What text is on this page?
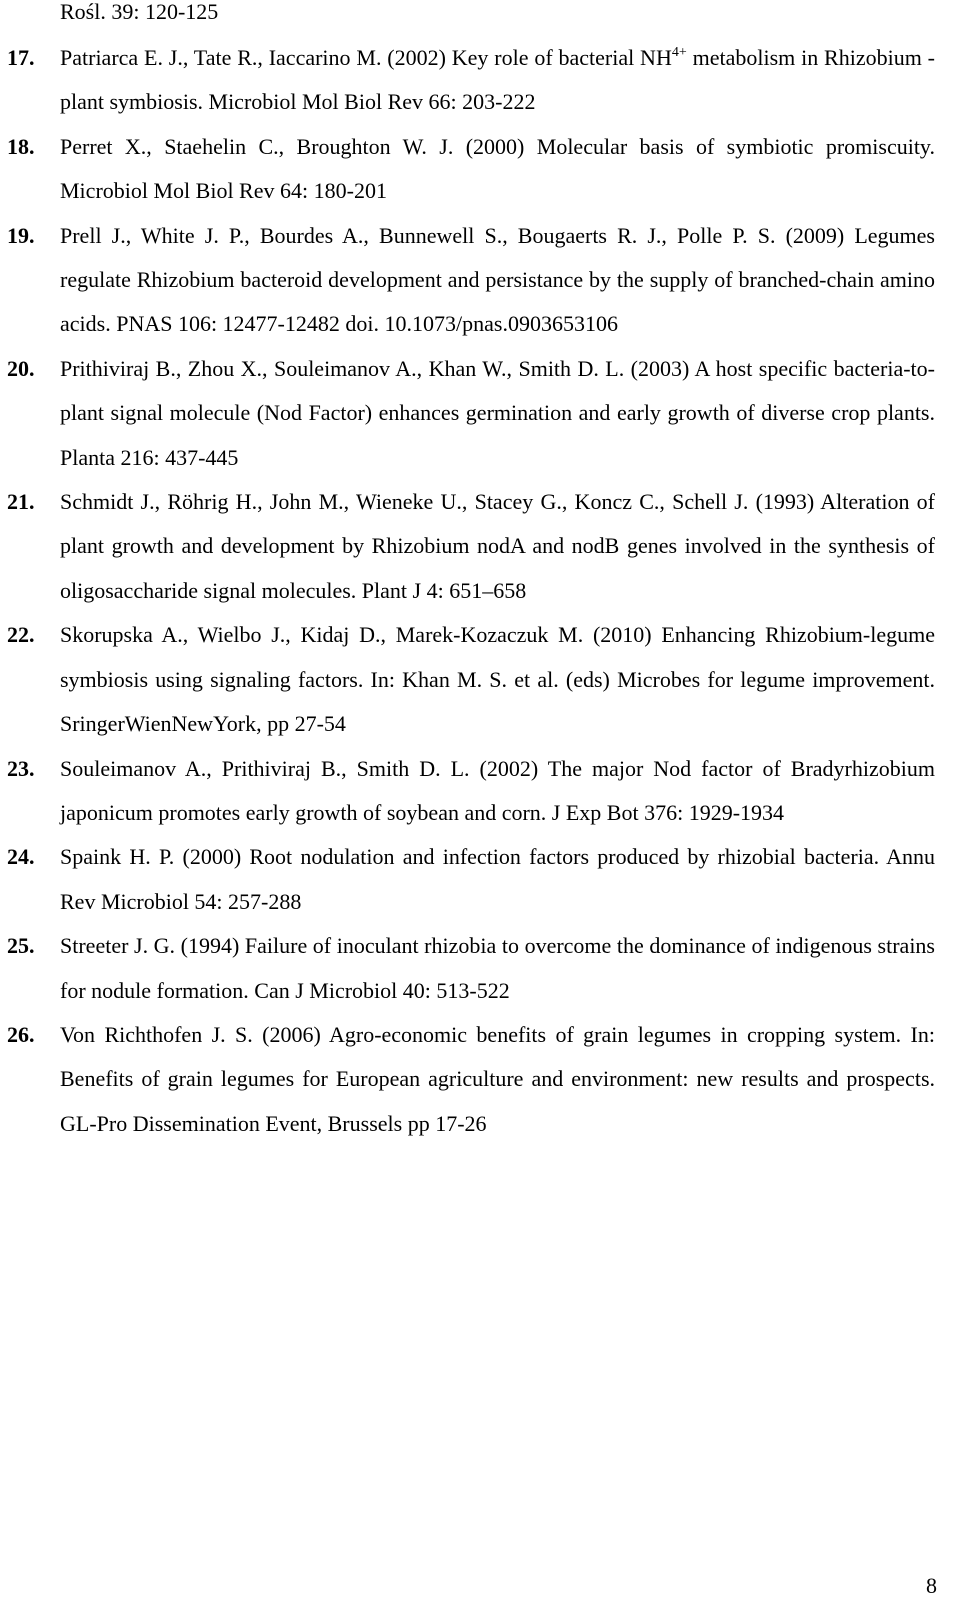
Rośl. 39: 120-125
17. Patriarca E. J., Tate R., Iaccarino M. (2002) Key role of bacterial $NH^{4+}$ metabolism in Rhizobium - plant symbiosis. Microbiol Mol Biol Rev 66: 203-222
18. Perret X., Staehelin C., Broughton W. J. (2000) Molecular basis of symbiotic promiscuity. Microbiol Mol Biol Rev 64: 180-201
19. Prell J., White J. P., Bourdes A., Bunnewell S., Bougaerts R. J., Polle P. S. (2009) Legumes regulate Rhizobium bacteroid development and persistance by the supply of branched-chain amino acids. PNAS 106: 12477-12482 doi. 10.1073/pnas.0903653106
20. Prithiviraj B., Zhou X., Souleimanov A., Khan W., Smith D. L. (2003) A host specific bacteria-to-plant signal molecule (Nod Factor) enhances germination and early growth of diverse crop plants. Planta 216: 437-445
21. Schmidt J., Röhrig H., John M., Wieneke U., Stacey G., Koncz C., Schell J. (1993) Alteration of plant growth and development by Rhizobium nodA and nodB genes involved in the synthesis of oligosaccharide signal molecules. Plant J 4: 651–658
22. Skorupska A., Wielbo J., Kidaj D., Marek-Kozaczuk M. (2010) Enhancing Rhizobium-legume symbiosis using signaling factors. In: Khan M. S. et al. (eds) Microbes for legume improvement. SringerWienNewYork, pp 27-54
23. Souleimanov A., Prithiviraj B., Smith D. L. (2002) The major Nod factor of Bradyrhizobium japonicum promotes early growth of soybean and corn. J Exp Bot 376: 1929-1934
24. Spaink H. P. (2000) Root nodulation and infection factors produced by rhizobial bacteria. Annu Rev Microbiol 54: 257-288
25. Streeter J. G. (1994) Failure of inoculant rhizobia to overcome the dominance of indigenous strains for nodule formation. Can J Microbiol 40: 513-522
26. Von Richthofen J. S. (2006) Agro-economic benefits of grain legumes in cropping system. In: Benefits of grain legumes for European agriculture and environment: new results and prospects. GL-Pro Dissemination Event, Brussels pp 17-26
8
